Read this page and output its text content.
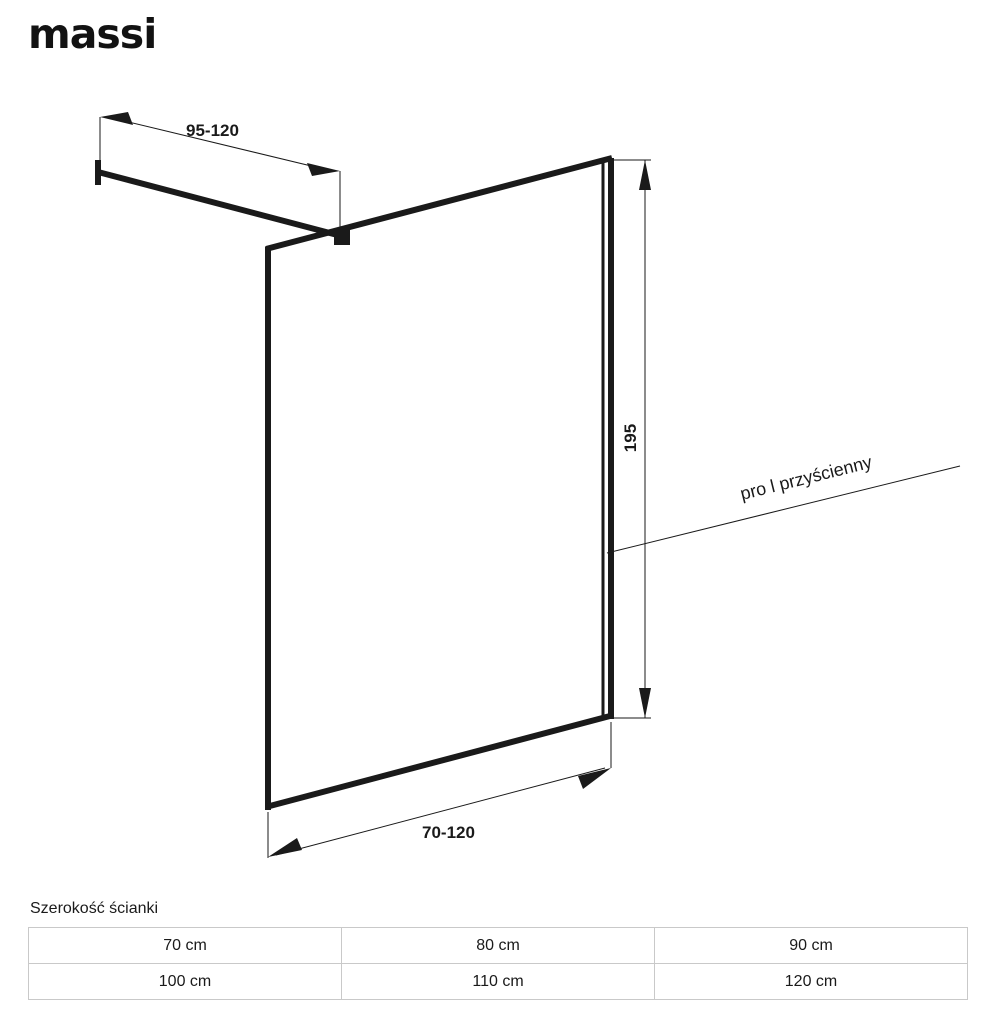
massi
95-120
195
70-120
pro l przyścienny
Szerokość ścianki
70 cm	80 cm	90 cm
100 cm	110 cm	120 cm
